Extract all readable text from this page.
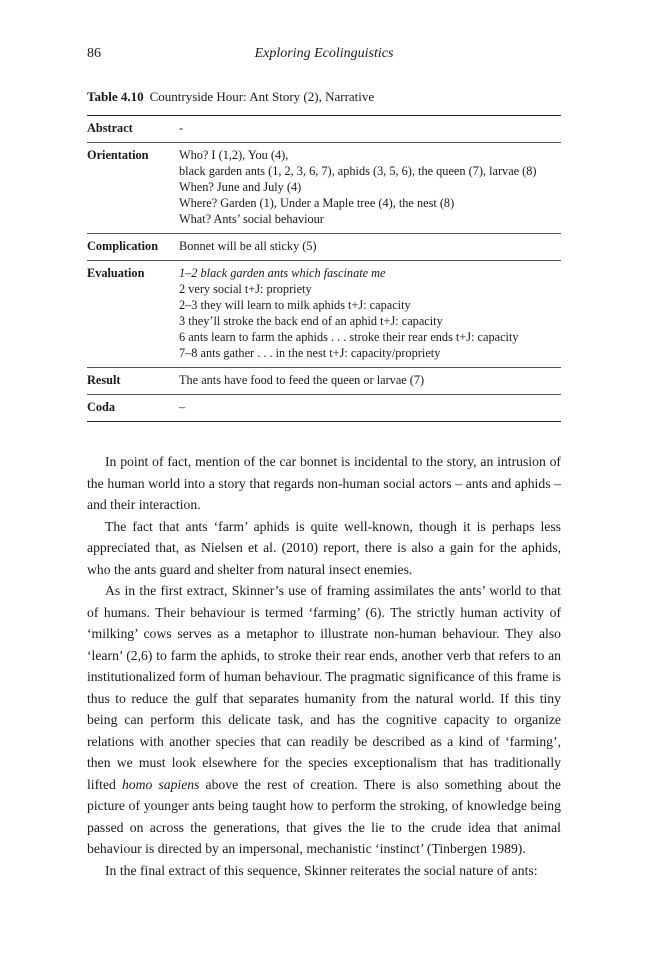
86	Exploring Ecolinguistics
Table 4.10 Countryside Hour: Ant Story (2), Narrative
Abstract	-
Orientation	Who? I (1,2), You (4),
black garden ants (1, 2, 3, 6, 7), aphids (3, 5, 6), the queen (7), larvae (8)
When? June and July (4)
Where? Garden (1), Under a Maple tree (4), the nest (8)
What? Ants’ social behaviour
Complication	Bonnet will be all sticky (5)
Evaluation	1–2 black garden ants which fascinate me
2 very social t+J: propriety
2–3 they will learn to milk aphids t+J: capacity
3 they’ll stroke the back end of an aphid t+J: capacity
6 ants learn to farm the aphids . . . stroke their rear ends t+J: capacity
7–8 ants gather . . . in the nest t+J: capacity/propriety
Result	The ants have food to feed the queen or larvae (7)
Coda	–

In point of fact, mention of the car bonnet is incidental to the story, an intrusion of the human world into a story that regards non-human social actors – ants and aphids – and their interaction.

The fact that ants ‘farm’ aphids is quite well-known, though it is perhaps less appreciated that, as Nielsen et al. (2010) report, there is also a gain for the aphids, who the ants guard and shelter from natural insect enemies.

As in the first extract, Skinner’s use of framing assimilates the ants’ world to that of humans. Their behaviour is termed ‘farming’ (6). The strictly human activity of ‘milking’ cows serves as a metaphor to illustrate non-human behaviour. They also ‘learn’ (2,6) to farm the aphids, to stroke their rear ends, another verb that refers to an institutionalized form of human behaviour. The pragmatic significance of this frame is thus to reduce the gulf that separates humanity from the natural world. If this tiny being can perform this delicate task, and has the cognitive capacity to organize relations with another species that can readily be described as a kind of ‘farming’, then we must look elsewhere for the species exceptionalism that has traditionally lifted homo sapiens above the rest of creation. There is also something about the picture of younger ants being taught how to perform the stroking, of knowledge being passed on across the generations, that gives the lie to the crude idea that animal behaviour is directed by an impersonal, mechanistic ‘instinct’ (Tinbergen 1989).

In the final extract of this sequence, Skinner reiterates the social nature of ants:
